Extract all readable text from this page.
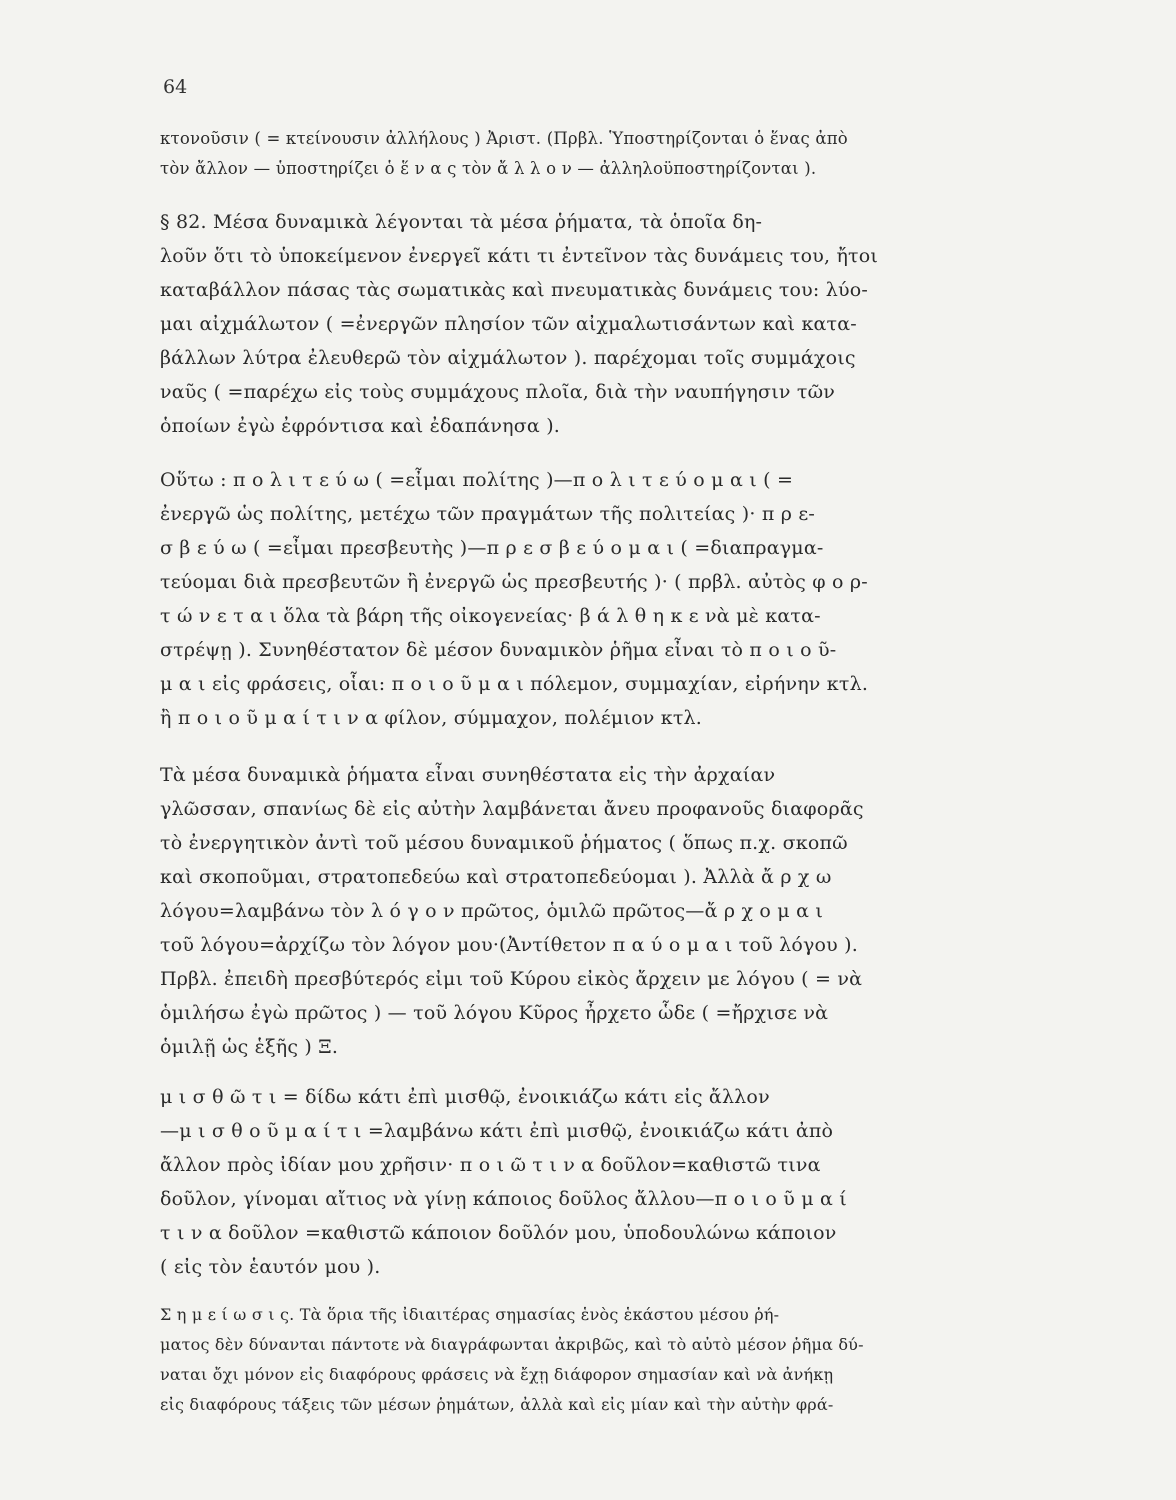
64
κτονοῦσιν ( = κτείνουσιν ἀλλήλους ) Ἀριστ. (Πρβλ. Ὑποστηρίζονται ὁ ἕνας ἀπὸ
τὸν ἄλλον — ὑποστηρίζει ὁ ἕ ν α ς τὸν ἄ λ λ ο ν — ἀλληλοϋποστηρίζονται ).
§ 82. Μέσα δυναμικὰ λέγονται τὰ μέσα ῥήματα, τὰ ὁποῖα δη-
λοῦν ὅτι τὸ ὑποκείμενον ἐνεργεῖ κάτι τι ἐντεῖνον τὰς δυνάμεις του, ἤτοι
καταβάλλον πάσας τὰς σωματικὰς καὶ πνευματικὰς δυνάμεις του: λύο-
μαι αἰχμάλωτον ( =ἐνεργῶν πλησίον τῶν αἰχμαλωτισάντων καὶ κατα-
βάλλων λύτρα ἐλευθερῶ τὸν αἰχμάλωτον ). παρέχομαι τοῖς συμμάχοις
ναῦς ( =παρέχω εἰς τοὺς συμμάχους πλοῖα, διὰ τὴν ναυπήγησιν τῶν
ὁποίων ἐγὼ ἐφρόντισα καὶ ἐδαπάνησα ).
Οὕτω : π ο λ ι τ ε ύ ω ( =εἶμαι πολίτης )—π ο λ ι τ ε ύ ο μ α ι ( =
ἐνεργῶ ὡς πολίτης, μετέχω τῶν πραγμάτων τῆς πολιτείας )· π ρ ε-
σ β ε ύ ω ( =εἶμαι πρεσβευτὴς )—π ρ ε σ β ε ύ ο μ α ι ( =διαπραγμα-
τεύομαι διὰ πρεσβευτῶν ἢ ἐνεργῶ ὡς πρεσβευτής )· ( πρβλ. αὐτὸς φ ο ρ-
τ ώ ν ε τ α ι ὅλα τὰ βάρη τῆς οἰκογενείας· β ά λ θ η κ ε νὰ μὲ κατα-
στρέψῃ ). Συνηθέστατον δὲ μέσον δυναμικὸν ῥῆμα εἶναι τὸ π ο ι ο ῦ-
μ α ι εἰς φράσεις, οἷαι: π ο ι ο ῦ μ α ι πόλεμον, συμμαχίαν, εἰρήνην κτλ.
ἢ π ο ι ο ῦ μ α ί τ ι ν α φίλον, σύμμαχον, πολέμιον κτλ.
Τὰ μέσα δυναμικὰ ῥήματα εἶναι συνηθέστατα εἰς τὴν ἀρχαίαν
γλῶσσαν, σπανίως δὲ εἰς αὐτὴν λαμβάνεται ἄνευ προφανοῦς διαφορᾶς
τὸ ἐνεργητικὸν ἀντὶ τοῦ μέσου δυναμικοῦ ῥήματος ( ὅπως π.χ. σκοπῶ
καὶ σκοποῦμαι, στρατοπεδεύω καὶ στρατοπεδεύομαι ). Ἀλλὰ ἄ ρ χ ω
λόγου=λαμβάνω τὸν λ ό γ ο ν πρῶτος, ὁμιλῶ πρῶτος—ἄ ρ χ ο μ α ι
τοῦ λόγου=ἀρχίζω τὸν λόγον μου·(Ἀντίθετον π α ύ ο μ α ι τοῦ λόγου ).
Πρβλ. ἐπειδὴ πρεσβύτερός εἰμι τοῦ Κύρου εἰκὸς ἄρχειν με λόγου ( = νὰ
ὁμιλήσω ἐγὼ πρῶτος ) — τοῦ λόγου Κῦρος ἦρχετο ὧδε ( =ἤρχισε νὰ
ὁμιλῇ ὡς ἑξῆς ) Ξ.
μ ι σ θ ῶ τ ι = δίδω κάτι ἐπὶ μισθῷ, ἐνοικιάζω κάτι εἰς ἄλλον
—μ ι σ θ ο ῦ μ α ί τ ι =λαμβάνω κάτι ἐπὶ μισθῷ, ἐνοικιάζω κάτι ἀπὸ
ἄλλον πρὸς ἰδίαν μου χρῆσιν· π ο ι ῶ τ ι ν α δοῦλον=καθιστῶ τινα
δοῦλον, γίνομαι αἴτιος νὰ γίνῃ κάποιος δοῦλος ἄλλου—π ο ι ο ῦ μ α ί
τ ι ν α δοῦλον =καθιστῶ κάποιον δοῦλόν μου, ὑποδουλώνω κάποιον
( εἰς τὸν ἑαυτόν μου ).
Σ η μ ε ί ω σ ι ς. Τὰ ὅρια τῆς ἰδιαιτέρας σημασίας ἑνὸς ἑκάστου μέσου ῥή-
ματος δὲν δύνανται πάντοτε νὰ διαγράφωνται ἀκριβῶς, καὶ τὸ αὐτὸ μέσον ῥῆμα δύ-
ναται ὄχι μόνον εἰς διαφόρους φράσεις νὰ ἔχῃ διάφορον σημασίαν καὶ νὰ ἀνήκῃ
εἰς διαφόρους τάξεις τῶν μέσων ῥημάτων, ἀλλὰ καὶ εἰς μίαν καὶ τὴν αὐτὴν φρά-
